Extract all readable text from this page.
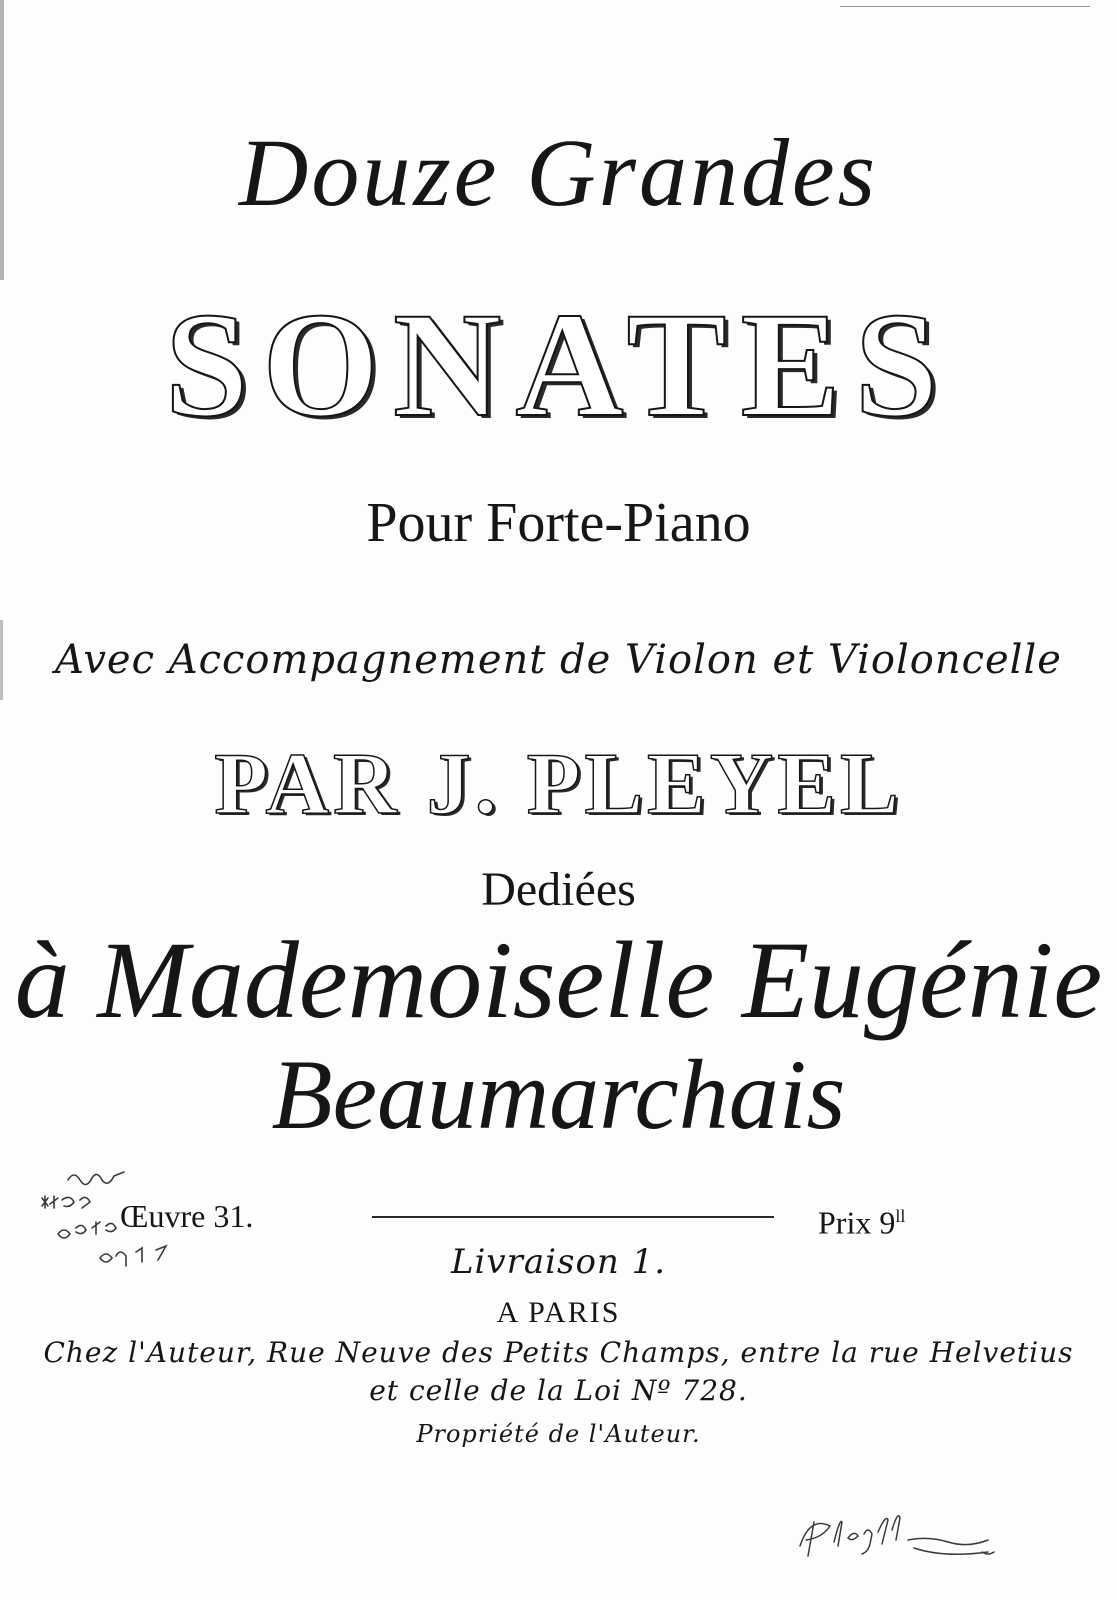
Douze Grandes
SONATES
Pour Forte-Piano
Avec Accompagnement de Violon et Violoncelle
PAR J. PLEYEL
Dediées
à Mademoiselle Eugénie
Beaumarchais
Œuvre 31.	Prix $9^{ll}$
Livraison 1.
A PARIS
Chez l'Auteur, Rue Neuve des Petits Champs, entre la rue Helvetius
et celle de la Loi Nº 728.
Propriété de l'Auteur.
